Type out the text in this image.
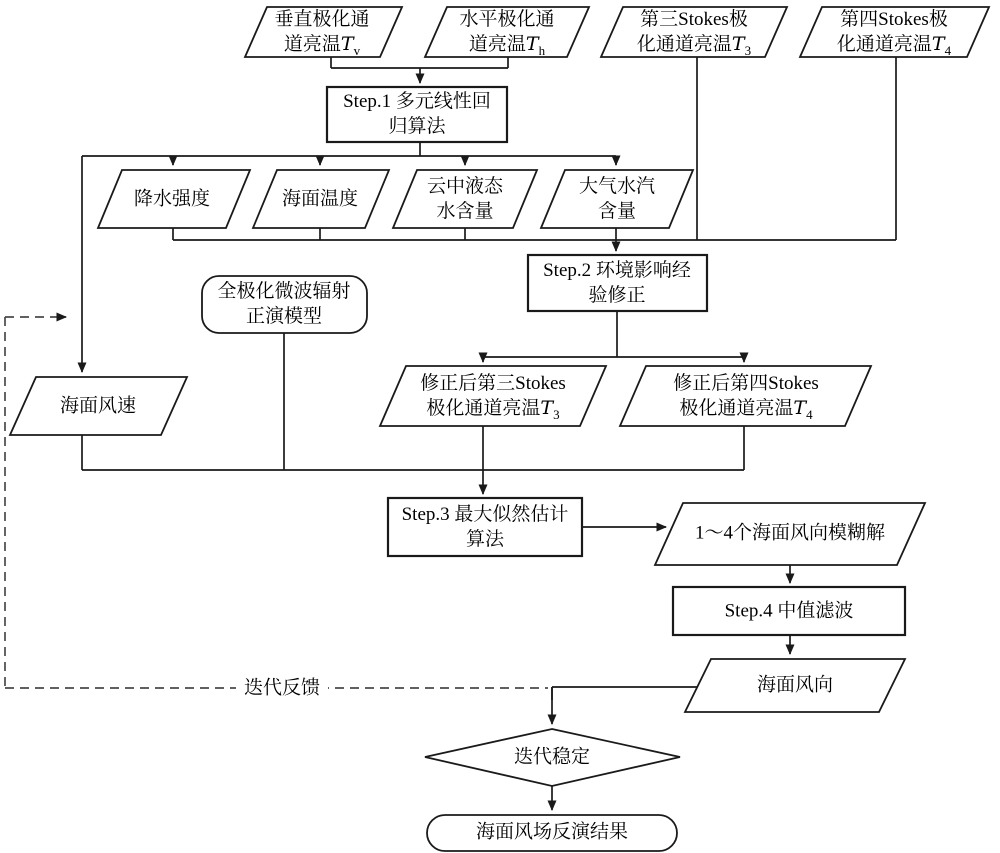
垂直极化通
道亮温$T_v$
水平极化通
道亮温$T_h$
第三Stokes极
化通道亮温$T_3$
第四Stokes极
化通道亮温$T_4$
Step.1 多元线性回
归算法
降水强度	海面温度
云中液态
水含量
大气水汽
含量
Step.2 环境影响经
验修正
全极化微波辐射
正演模型
海面风速
修正后第三Stokes
极化通道亮温$T_3$
修正后第四Stokes
极化通道亮温$T_4$
Step.3 最大似然估计
算法	1～4个海面风向模糊解
Step.4 中值滤波
海面风向
迭代反馈
迭代稳定
海面风场反演结果
